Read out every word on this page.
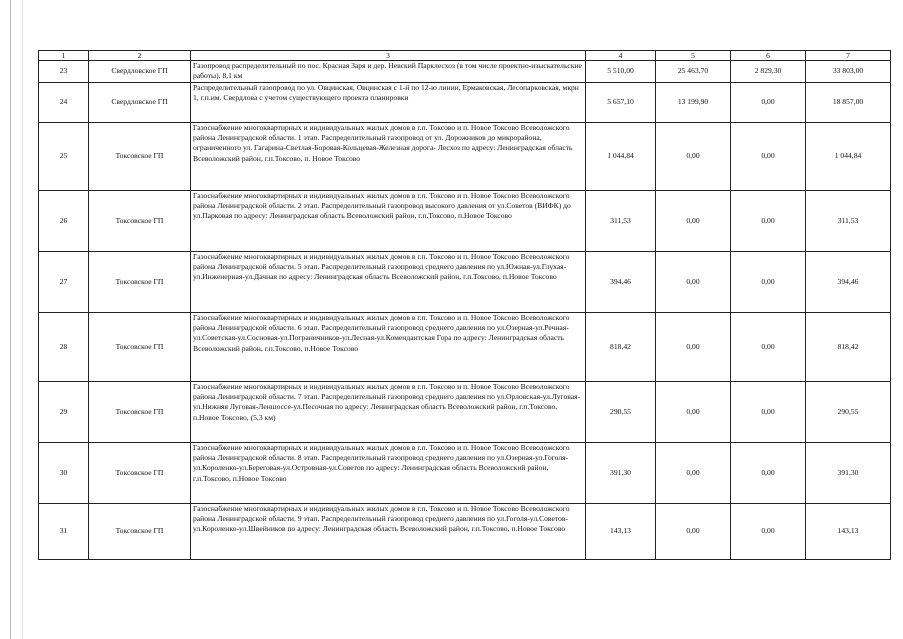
1	2	3	4	5	6	7
23	Свердловское ГП	Газопровод распределительный по пос. Красная Заря и дер. Невский Парклесхоз (в том числе проектно-изыскательские работы), 8,1 км	5 510,00	25 463,70	2 829,30	33 803,00
24	Свердловское ГП	Распределительный газопровод по ул. Овцинская, Овцинская с 1-й по 12-ю линии, Ермаковская, Лесопарковская, мкрн 1, г.п.им. Свердлова с учетом существующего проекта планировки	5 657,10	13 199,90	0,00	18 857,00
25	Токсовское ГП	Газоснабжение многоквартирных и индивидуальных жилых домов в г.п. Токсово и п. Новое Токсово Всеволожского района Ленинградской области. 1 этап. Распределительный газопровод от ул. Дорожников до микрорайона, ограниченного ул. Гагарина-Светлая-Боровая-Кольцевая-Железная дорога- Лесхоз по адресу: Ленинградская область Всеволожский район, г.п.Токсово, п. Новое Токсово	1 044,84	0,00	0,00	1 044,84
26	Токсовское ГП	Газоснабжение многоквартирных и индивидуальных жилых домов в г.п. Токсово и п. Новое Токсово Всеволожского района Ленинградской области. 2 этап. Распределительный газопровод высокого давления от ул.Советов (ВИФК) до ул.Парковая по адресу: Ленинградская область Всеволожский район, г.п.Токсово, п.Новое Токсово	311,53	0,00	0,00	311,53
27	Токсовское ГП	Газоснабжение многоквартирных и индивидуальных жилых домов в г.п. Токсово и п. Новое Токсово Всеволожского района Ленинградской области. 5 этап. Распределительный газопровод среднего давления по ул.Южная-ул.Глухая-ул.Инженерная-ул.Дачная по адресу: Ленинградская область Всеволожский район, г.п.Токсово, п.Новое Токсово	394,46	0,00	0,00	394,46
28	Токсовское ГП	Газоснабжение многоквартирных и индивидуальных жилых домов в г.п. Токсово и п. Новое Токсово Всеволожского района Ленинградской области. 6 этап. Распределительный газопровод среднего давления по ул.Озерная-ул.Речная-ул.Советская-ул.Сосновая-ул.Пограничников-ул.Лесная-ул.Комендантская Гора по адресу: Ленинградская область Всеволожский район, г.п.Токсово, п.Новое Токсово	818,42	0,00	0,00	818,42
29	Токсовское ГП	Газоснабжение многоквартирных и индивидуальных жилых домов в г.п. Токсово и п. Новое Токсово Всеволожского района Ленинградской области. 7 этап. Распределительный газопровод среднего давления по ул.Орловская-ул.Луговая-ул.Нижняя Луговая-Леншоссе-ул.Песочная по адресу: Ленинградская область Всеволожский район, г.п.Токсово, п.Новое Токсово, (5,3 км)	290,55	0,00	0,00	290,55
30	Токсовское ГП	Газоснабжение многоквартирных и индивидуальных жилых домов в г.п. Токсово и п. Новое Токсово Всеволожского района Ленинградской области. 8 этап. Распределительный газопровод среднего давления по ул.Озерная-ул.Гоголя-ул.Короленко-ул.Береговая-ул.Островная-ул.Советов по адресу: Ленинградская область Всеволожский район, г.п.Токсово, п.Новое Токсово	391,30	0,00	0,00	391,30
31	Токсовское ГП	Газоснабжение многоквартирных и индивидуальных жилых домов в г.п. Токсово и п. Новое Токсово Всеволожского района Ленинградской области. 9 этап. Распределительный газопровод среднего давления по ул.Гоголя-ул.Советов-ул.Короленко-ул.Швейников по адресу: Ленинградская область Всеволожский район, г.п.Токсово, п.Новое Токсово	143,13	0,00	0,00	143,13
